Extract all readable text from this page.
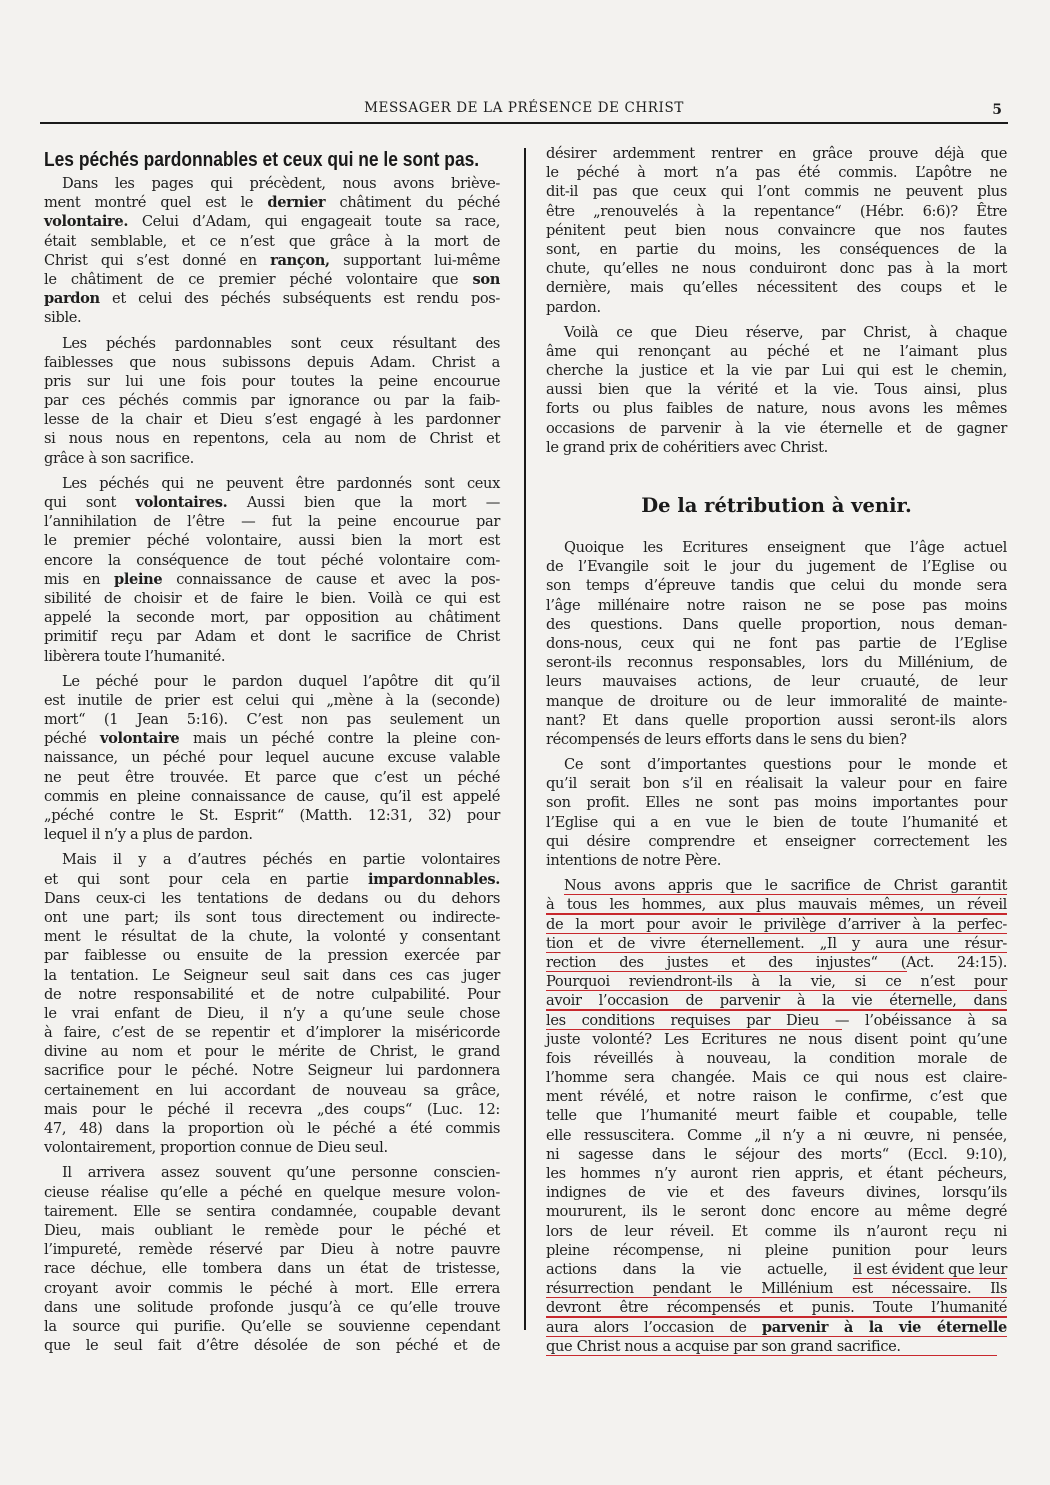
MESSAGER DE LA PRÉSENCE DE CHRIST	5
Les péchés pardonnables et ceux qui ne le sont pas.
Dans les pages qui précèdent, nous avons briève-
ment montré quel est le dernier châtiment du péché
volontaire. Celui d’Adam, qui engageait toute sa race,
était semblable, et ce n’est que grâce à la mort de
Christ qui s’est donné en rançon, supportant lui-même
le châtiment de ce premier péché volontaire que son
pardon et celui des péchés subséquents est rendu pos-
sible.
Les péchés pardonnables sont ceux résultant des
faiblesses que nous subissons depuis Adam. Christ a
pris sur lui une fois pour toutes la peine encourue
par ces péchés commis par ignorance ou par la faib-
lesse de la chair et Dieu s’est engagé à les pardonner
si nous nous en repentons, cela au nom de Christ et
grâce à son sacrifice.
Les péchés qui ne peuvent être pardonnés sont ceux
qui sont volontaires. Aussi bien que la mort —
l’annihilation de l’être — fut la peine encourue par
le premier péché volontaire, aussi bien la mort est
encore la conséquence de tout péché volontaire com-
mis en pleine connaissance de cause et avec la pos-
sibilité de choisir et de faire le bien. Voilà ce qui est
appelé la seconde mort, par opposition au châtiment
primitif reçu par Adam et dont le sacrifice de Christ
libèrera toute l’humanité.
Le péché pour le pardon duquel l’apôtre dit qu’il
est inutile de prier est celui qui „mène à la (seconde)
mort“ (1 Jean 5:16). C’est non pas seulement un
péché volontaire mais un péché contre la pleine con-
naissance, un péché pour lequel aucune excuse valable
ne peut être trouvée. Et parce que c’est un péché
commis en pleine connaissance de cause, qu’il est appelé
„péché contre le St. Esprit“ (Matth. 12:31, 32) pour
lequel il n’y a plus de pardon.
Mais il y a d’autres péchés en partie volontaires
et qui sont pour cela en partie impardonnables.
Dans ceux-ci les tentations de dedans ou du dehors
ont une part; ils sont tous directement ou indirecte-
ment le résultat de la chute, la volonté y consentant
par faiblesse ou ensuite de la pression exercée par
la tentation. Le Seigneur seul sait dans ces cas juger
de notre responsabilité et de notre culpabilité. Pour
le vrai enfant de Dieu, il n’y a qu’une seule chose
à faire, c’est de se repentir et d’implorer la miséricorde
divine au nom et pour le mérite de Christ, le grand
sacrifice pour le péché. Notre Seigneur lui pardonnera
certainement en lui accordant de nouveau sa grâce,
mais pour le péché il recevra „des coups“ (Luc. 12:
47, 48) dans la proportion où le péché a été commis
volontairement, proportion connue de Dieu seul.
Il arrivera assez souvent qu’une personne conscien-
cieuse réalise qu’elle a péché en quelque mesure volon-
tairement. Elle se sentira condamnée, coupable devant
Dieu, mais oubliant le remède pour le péché et
l’impureté, remède réservé par Dieu à notre pauvre
race déchue, elle tombera dans un état de tristesse,
croyant avoir commis le péché à mort. Elle errera
dans une solitude profonde jusqu’à ce qu’elle trouve
la source qui purifie. Qu’elle se souvienne cependant
que le seul fait d’être désolée de son péché et de
désirer ardemment rentrer en grâce prouve déjà que
le péché à mort n’a pas été commis. L’apôtre ne
dit-il pas que ceux qui l’ont commis ne peuvent plus
être „renouvelés à la repentance“ (Hébr. 6:6)? Être
pénitent peut bien nous convaincre que nos fautes
sont, en partie du moins, les conséquences de la
chute, qu’elles ne nous conduiront donc pas à la mort
dernière, mais qu’elles nécessitent des coups et le
pardon.
Voilà ce que Dieu réserve, par Christ, à chaque
âme qui renonçant au péché et ne l’aimant plus
cherche la justice et la vie par Lui qui est le chemin,
aussi bien que la vérité et la vie. Tous ainsi, plus
forts ou plus faibles de nature, nous avons les mêmes
occasions de parvenir à la vie éternelle et de gagner
le grand prix de cohéritiers avec Christ.
De la rétribution à venir.
Quoique les Ecritures enseignent que l’âge actuel
de l’Evangile soit le jour du jugement de l’Eglise ou
son temps d’épreuve tandis que celui du monde sera
l’âge millénaire notre raison ne se pose pas moins
des questions. Dans quelle proportion, nous deman-
dons-nous, ceux qui ne font pas partie de l’Eglise
seront-ils reconnus responsables, lors du Millénium, de
leurs mauvaises actions, de leur cruauté, de leur
manque de droiture ou de leur immoralité de mainte-
nant? Et dans quelle proportion aussi seront-ils alors
récompensés de leurs efforts dans le sens du bien?
Ce sont d’importantes questions pour le monde et
qu’il serait bon s’il en réalisait la valeur pour en faire
son profit. Elles ne sont pas moins importantes pour
l’Eglise qui a en vue le bien de toute l’humanité et
qui désire comprendre et enseigner correctement les
intentions de notre Père.
Nous avons appris que le sacrifice de Christ garantit
à tous les hommes, aux plus mauvais mêmes, un réveil
de la mort pour avoir le privilège d’arriver à la perfec-
tion et de vivre éternellement. „Il y aura une résur-
rection des justes et des injustes“ (Act. 24:15).
Pourquoi reviendront-ils à la vie, si ce n’est pour
avoir l’occasion de parvenir à la vie éternelle, dans
les conditions requises par Dieu — l’obéissance à sa
juste volonté? Les Ecritures ne nous disent point qu’une
fois réveillés à nouveau, la condition morale de
l’homme sera changée. Mais ce qui nous est claire-
ment révélé, et notre raison le confirme, c’est que
telle que l’humanité meurt faible et coupable, telle
elle ressuscitera. Comme „il n’y a ni œuvre, ni pensée,
ni sagesse dans le séjour des morts“ (Eccl. 9:10),
les hommes n’y auront rien appris, et étant pécheurs,
indignes de vie et des faveurs divines, lorsqu’ils
moururent, ils le seront donc encore au même degré
lors de leur réveil. Et comme ils n’auront reçu ni
pleine récompense, ni pleine punition pour leurs
actions dans la vie actuelle, il est évident que leur
résurrection pendant le Millénium est nécessaire. Ils
devront être récompensés et punis. Toute l’humanité
aura alors l’occasion de parvenir à la vie éternelle
que Christ nous a acquise par son grand sacrifice.
